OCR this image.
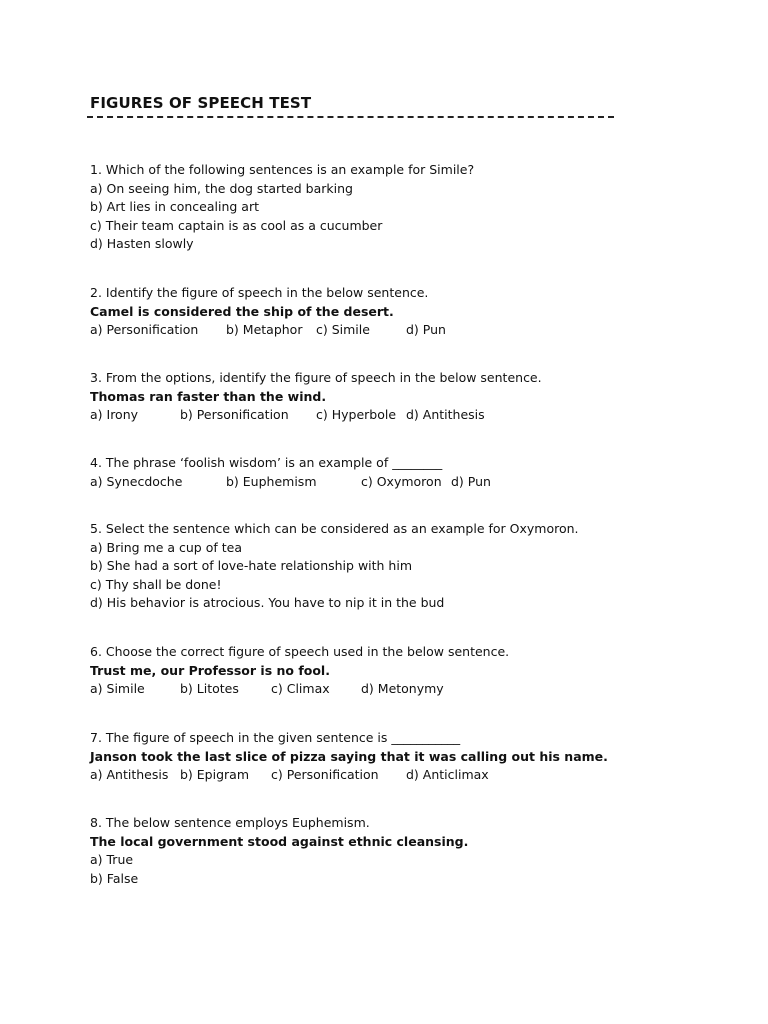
FIGURES OF SPEECH TEST
1. Which of the following sentences is an example for Simile?
a) On seeing him, the dog started barking
b) Art lies in concealing art
c) Their team captain is as cool as a cucumber
d) Hasten slowly
2. Identify the figure of speech in the below sentence.
Camel is considered the ship of the desert.
a) Personification b) Metaphor c) Simile	d) Pun
3. From the options, identify the figure of speech in the below sentence.
Thomas ran faster than the wind.
a) Irony	b) Personification c) Hyperbole d) Antithesis
4. The phrase ‘foolish wisdom’ is an example of ________
a) Synecdoche	b) Euphemism	c) Oxymoron d) Pun
5. Select the sentence which can be considered as an example for Oxymoron.
a) Bring me a cup of tea
b) She had a sort of love-hate relationship with him
c) Thy shall be done!
d) His behavior is atrocious. You have to nip it in the bud
6. Choose the correct figure of speech used in the below sentence.
Trust me, our Professor is no fool.
a) Simile	b) Litotes	c) Climax	d) Metonymy
7. The figure of speech in the given sentence is ___________
Janson took the last slice of pizza saying that it was calling out his name.
a) Antithesis b) Epigram c) Personification d) Anticlimax
8. The below sentence employs Euphemism.
The local government stood against ethnic cleansing.
a) True
b) False
